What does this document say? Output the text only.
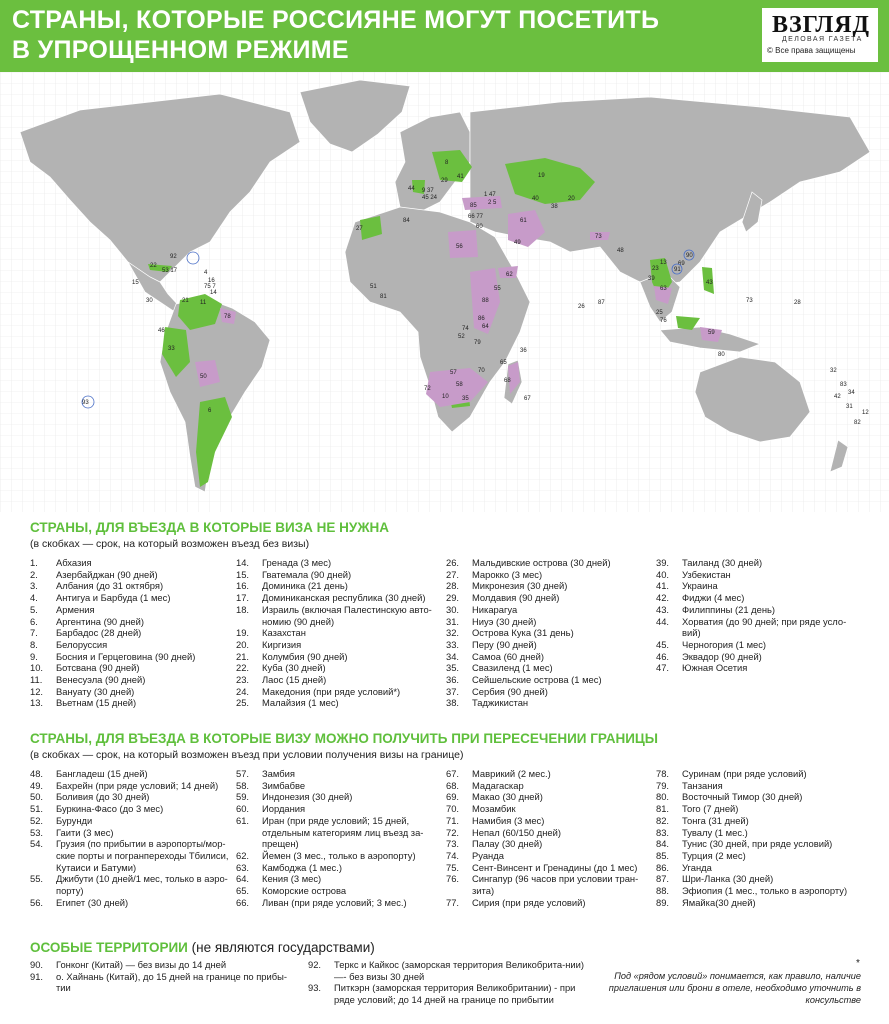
СТРАНЫ, КОТОРЫЕ РОССИЯНЕ МОГУТ ПОСЕТИТЬ
В УПРОЩЕННОМ РЕЖИМЕ
ВЗГЛЯД
ДЕЛОВАЯ ГАЗЕТА
© Все права защищены
19
8
41
29
44 9 37
45 24	1 47
2 5
40
38
20
85
66 77
60
61
49
27
84
56
73
48
90
69
91
13
23
39
63
43
25
76
59
80
73	28
26
87
62
55
88
86
64
74
52
79
36
65
68
67
57	70
58
72
10 35
51
81
92
22
53 17	4
16
75 7
14
15
30	21 11
78
46
33
50
6
93
32
83
34
42
31
12
82
СТРАНЫ, ДЛЯ ВЪЕЗДА В КОТОРЫЕ ВИЗА НЕ НУЖНА
(в скобках — срок, на который возможен въезд без визы)
1. Абхазия
2. Азербайджан (90 дней)
3. Албания (до 31 октября)
4. Антигуа и Барбуда (1 мес)
5. Армения
6. Аргентина (90 дней)
7. Барбадос (28 дней)
8. Белоруссия
9. Босния и Герцеговина (90 дней)
10. Ботсвана (90 дней)
11. Венесуэла (90 дней)
12. Вануату (30 дней)
13. Вьетнам (15 дней)
14. Гренада (3 мес)
15. Гватемала (90 дней)
16. Доминика (21 день)
17. Доминиканская республика (30 дней)
18. Израиль (включая Палестинскую авто-номию (90 дней)
19. Казахстан
20. Киргизия
21. Колумбия (90 дней)
22. Куба (30 дней)
23. Лаос (15 дней)
24. Македония (при ряде условий*)
25. Малайзия (1 мес)
26. Мальдивские острова (30 дней)
27. Марокко (3 мес)
28. Микронезия (30 дней)
29. Молдавия (90 дней)
30. Никарагуа
31. Ниуэ (30 дней)
32. Острова Кука (31 день)
33. Перу (90 дней)
34. Самоа (60 дней)
35. Свазиленд (1 мес)
36. Сейшельские острова (1 мес)
37. Сербия (90 дней)
38. Таджикистан
39. Таиланд (30 дней)
40. Узбекистан
41. Украина
42. Фиджи (4 мес)
43. Филиппины (21 день)
44. Хорватия (до 90 дней; при ряде усло-вий)
45. Черногория (1 мес)
46. Эквадор (90 дней)
47. Южная Осетия
СТРАНЫ, ДЛЯ ВЪЕЗДА В КОТОРЫЕ ВИЗУ МОЖНО ПОЛУЧИТЬ ПРИ ПЕРЕСЕЧЕНИИ ГРАНИЦЫ
(в скобках — срок, на который возможен въезд при условии получения визы на границе)
48. Бангладеш (15 дней)
49. Бахрейн (при ряде условий; 14 дней)
50. Боливия (до 30 дней)
51. Буркина-Фасо (до 3 мес)
52. Бурунди
53. Гаити (3 мес)
54. Грузия (по прибытии в аэропорты/мор-ские порты и погранпереходы Тбилиси, Кутаиси и Батуми)
55. Джибути (10 дней/1 мес, только в аэро-порту)
56. Египет (30 дней)
57. Замбия
58. Зимбабве
59. Индонезия (30 дней)
60. Иордания
61. Иран (при ряде условий; 15 дней, отдельным категориям лиц въезд за-прещен)
62. Йемен (3 мес., только в аэропорту)
63. Камбоджа (1 мес.)
64. Кения (3 мес)
65. Коморские острова
66. Ливан (при ряде условий; 3 мес.)
67. Маврикий (2 мес.)
68. Мадагаскар
69. Макао (30 дней)
70. Мозамбик
71. Намибия (3 мес)
72. Непал (60/150 дней)
73. Палау (30 дней)
74. Руанда
75. Сент-Винсент и Гренадины (до 1 мес)
76. Сингапур (96 часов при условии тран-зита)
77. Сирия (при ряде условий)
78. Суринам (при ряде условий)
79. Танзания
80. Восточный Тимор (30 дней)
81. Того (7 дней)
82. Тонга (31 дней)
83. Тувалу (1 мес.)
84. Тунис (30 дней, при ряде условий)
85. Турция (2 мес)
86. Уганда
87. Шри-Ланка (30 дней)
88. Эфиопия (1 мес., только в аэропорту)
89. Ямайка(30 дней)
ОСОБЫЕ ТЕРРИТОРИИ (не являются государствами)
90. Гонконг (Китай) — без визы до 14 дней
91. о. Хайнань (Китай), до 15 дней на границе по прибы-тии
92. Теркс и Кайкос (заморская территория Великобрита-нии) —- без визы 30 дней
93. Питкэрн (заморская территория Великобритании) - при ряде условий; до 14 дней на границе по прибытии
*
Под «рядом условий» понимается, как правило, наличие приглашения или брони в отеле, необходимо уточнить в консульстве
